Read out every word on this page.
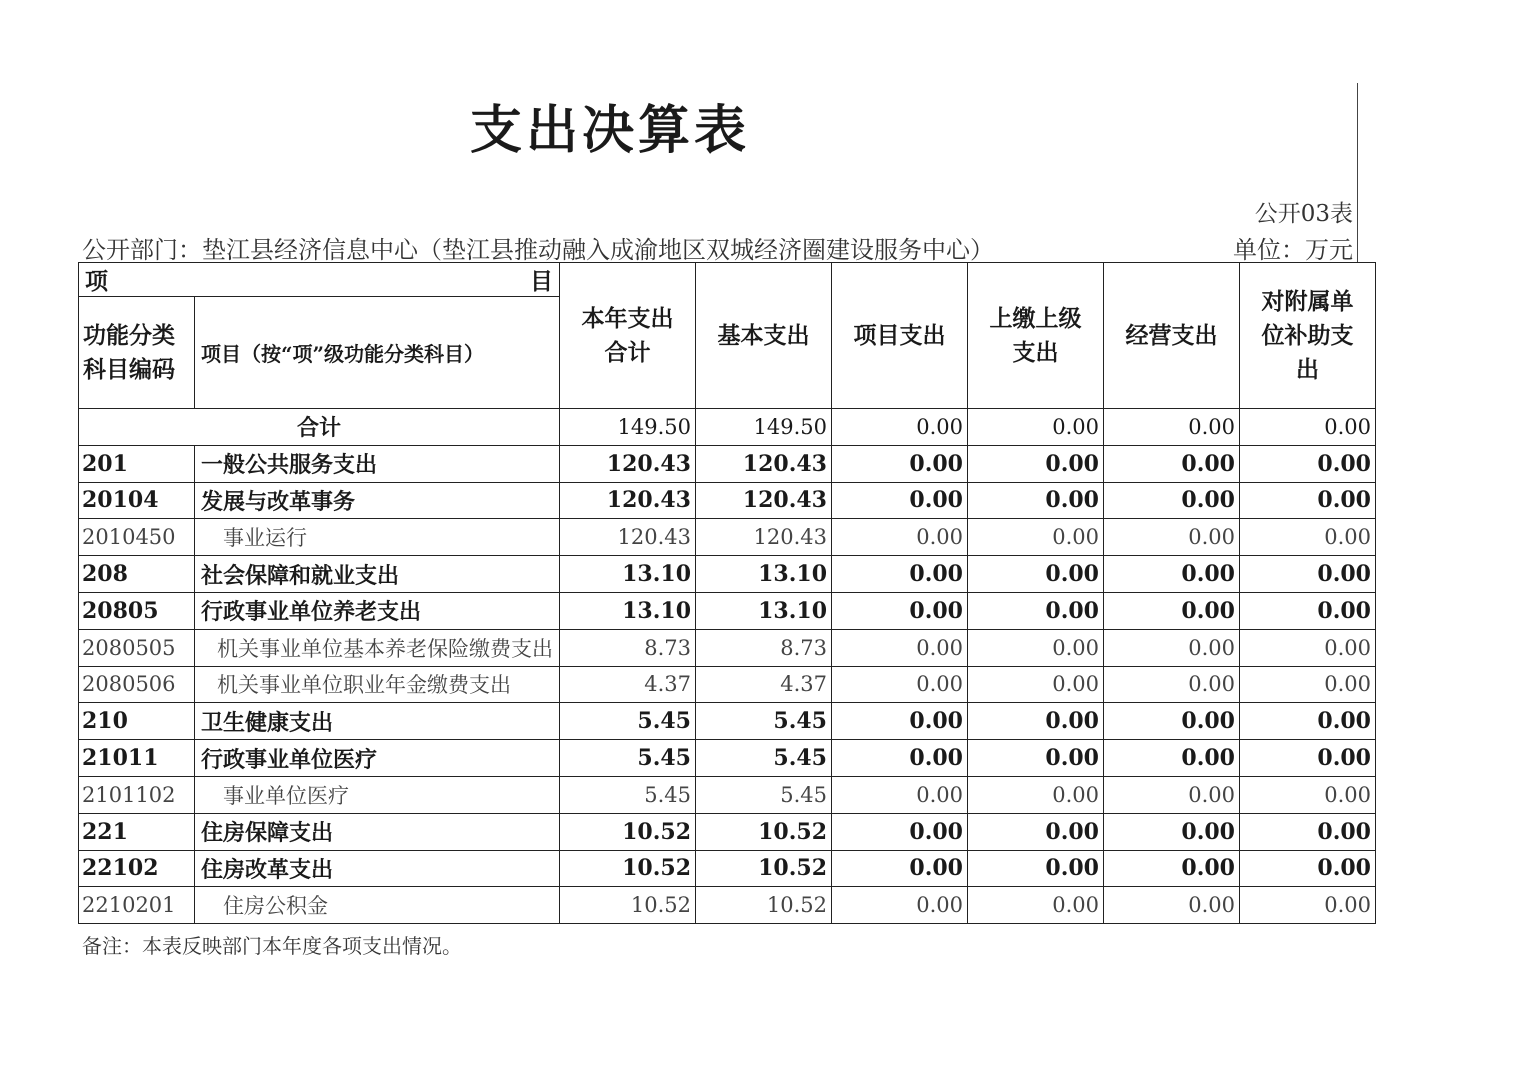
支出决算表
公开03表
公开部门：垫江县经济信息中心（垫江县推动融入成渝地区双城经济圈建设服务中心）	单位：万元
项 目		本年支出合计	基本支出	项目支出	上缴上级支出	经营支出	对附属单位补助支出
功能分类科目编码	项目（按“项”级功能分类科目）						
合计		149.50	149.50	0.00	0.00	0.00	0.00
201	一般公共服务支出	120.43	120.43	0.00	0.00	0.00	0.00
20104	发展与改革事务	120.43	120.43	0.00	0.00	0.00	0.00
2010450	事业运行	120.43	120.43	0.00	0.00	0.00	0.00
208	社会保障和就业支出	13.10	13.10	0.00	0.00	0.00	0.00
20805	行政事业单位养老支出	13.10	13.10	0.00	0.00	0.00	0.00
2080505	机关事业单位基本养老保险缴费支出	8.73	8.73	0.00	0.00	0.00	0.00
2080506	机关事业单位职业年金缴费支出	4.37	4.37	0.00	0.00	0.00	0.00
210	卫生健康支出	5.45	5.45	0.00	0.00	0.00	0.00
21011	行政事业单位医疗	5.45	5.45	0.00	0.00	0.00	0.00
2101102	事业单位医疗	5.45	5.45	0.00	0.00	0.00	0.00
221	住房保障支出	10.52	10.52	0.00	0.00	0.00	0.00
22102	住房改革支出	10.52	10.52	0.00	0.00	0.00	0.00
2210201	住房公积金	10.52	10.52	0.00	0.00	0.00	0.00
备注：本表反映部门本年度各项支出情况。
